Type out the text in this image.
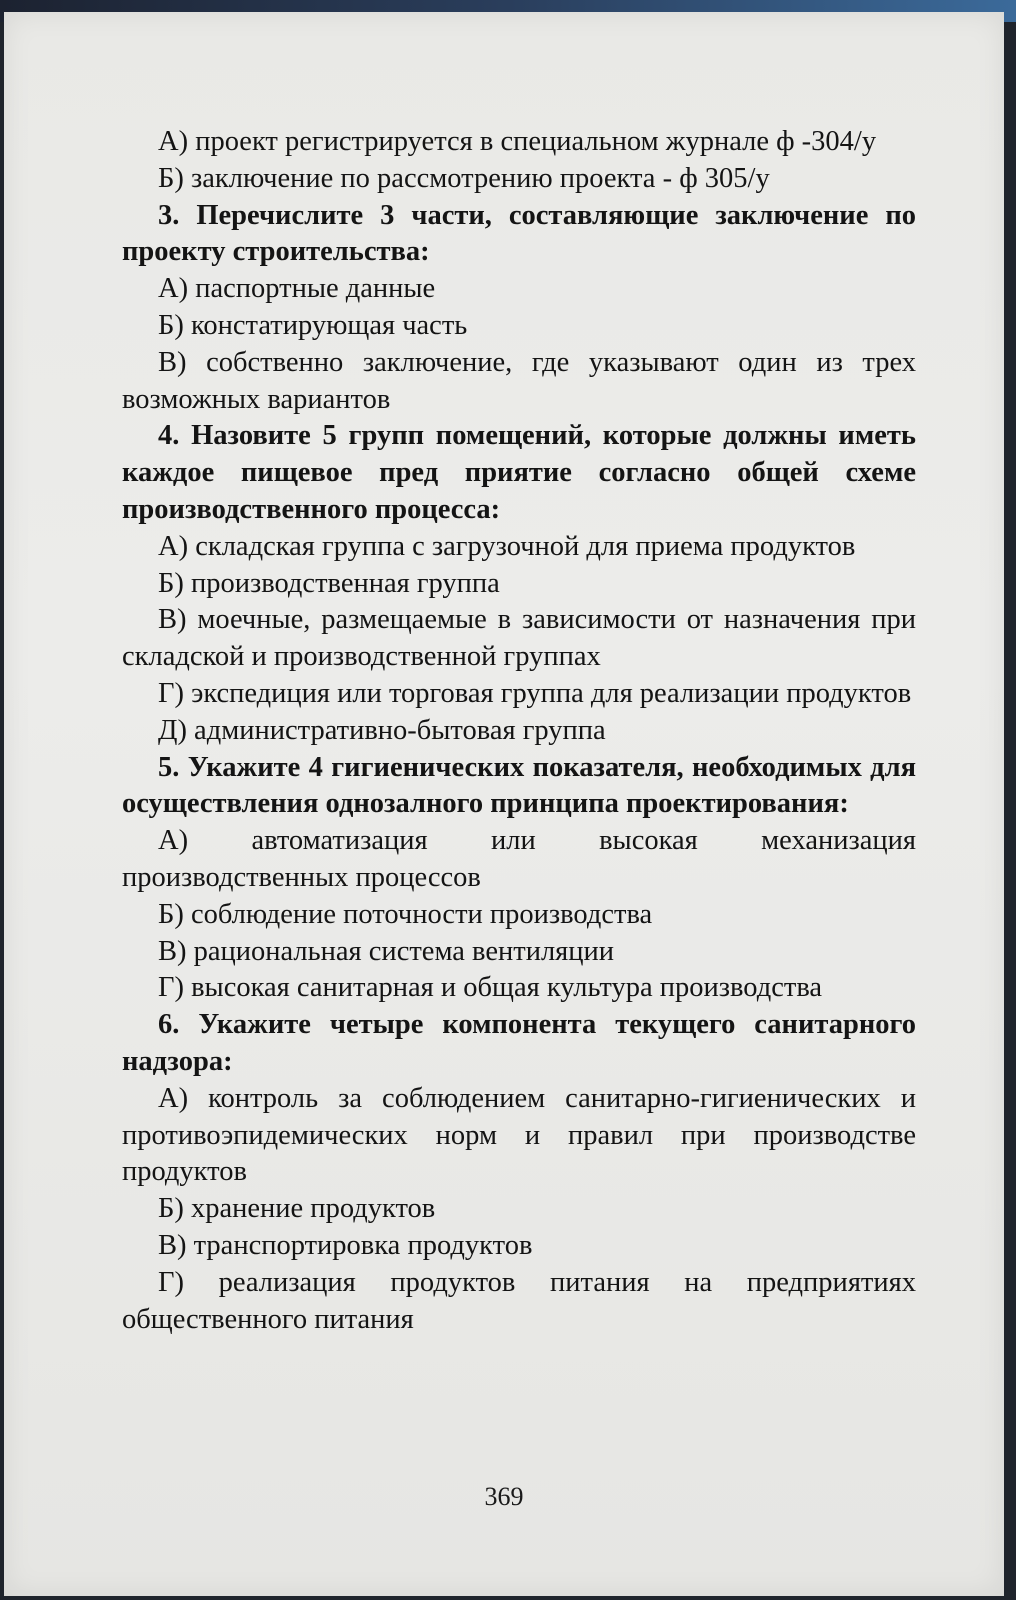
А) проект регистрируется в специальном журнале ф -304/у

Б) заключение по рассмотрению проекта - ф 305/у

3. Перечислите 3 части, составляющие заключение по проекту строительства:

А) паспортные данные

Б) констатирующая часть

В) собственно заключение, где указывают один из трех возможных вариантов

4. Назовите 5 групп помещений, которые должны иметь каждое пищевое пред приятие согласно общей схеме производственного процесса:

А) складская группа с загрузочной для приема продуктов

Б) производственная группа

В) моечные, размещаемые в зависимости от назначения при складской и производственной группах

Г) экспедиция или торговая группа для реализации продуктов

Д) административно-бытовая группа

5. Укажите 4 гигиенических показателя, необходимых для осуществления однозалного принципа проектирования:

А) автоматизация или высокая механизация производственных процессов

Б) соблюдение поточности производства

В) рациональная система вентиляции

Г) высокая санитарная и общая культура производства

6. Укажите четыре компонента текущего санитарного надзора:

А) контроль за соблюдением санитарно-гигиенических и противоэпидемических норм и правил при производстве продуктов

Б) хранение продуктов

В) транспортировка продуктов

Г) реализация продуктов питания на предприятиях общественного питания

369
